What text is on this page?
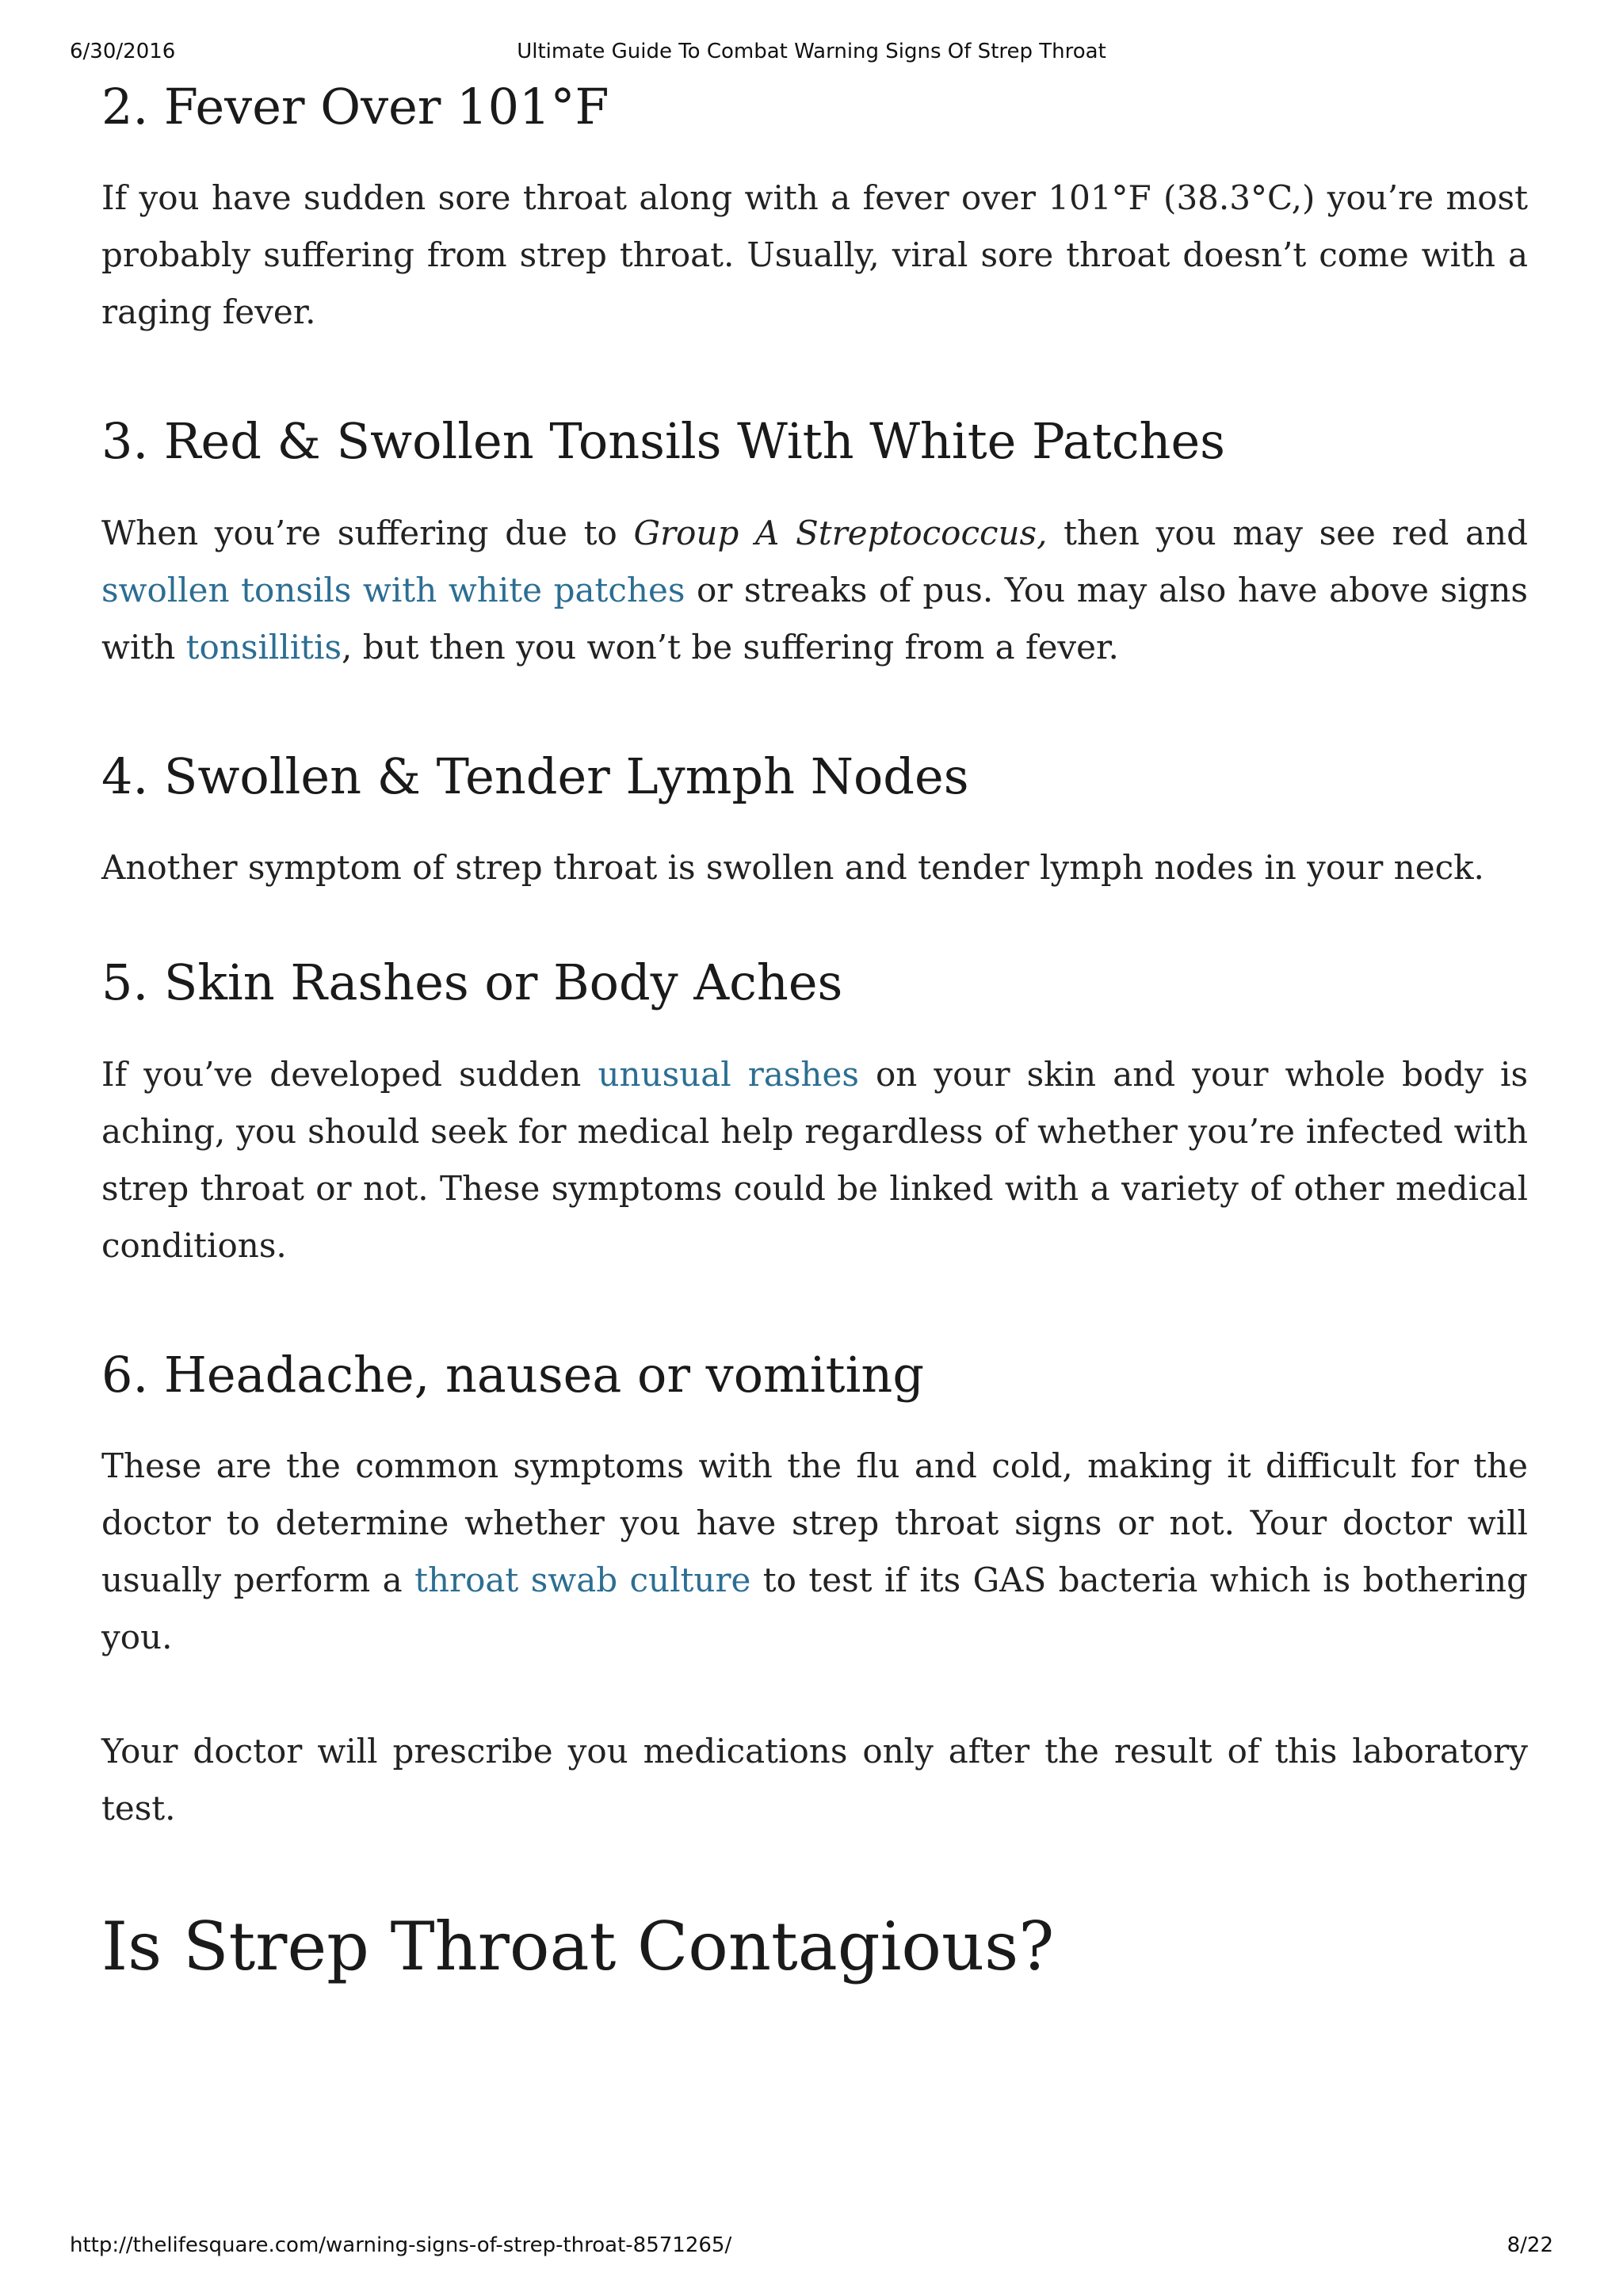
6/30/2016	Ultimate Guide To Combat Warning Signs Of Strep Throat
2. Fever Over 101°F

If you have sudden sore throat along with a fever over 101°F (38.3°C,) you’re most probably suffering from strep throat. Usually, viral sore throat doesn’t come with a raging fever.

3. Red & Swollen Tonsils With White Patches

When you’re suffering due to Group A Streptococcus, then you may see red and swollen tonsils with white patches or streaks of pus. You may also have above signs with tonsillitis, but then you won’t be suffering from a fever.

4. Swollen & Tender Lymph Nodes

Another symptom of strep throat is swollen and tender lymph nodes in your neck.

5. Skin Rashes or Body Aches

If you’ve developed sudden unusual rashes on your skin and your whole body is aching, you should seek for medical help regardless of whether you’re infected with strep throat or not. These symptoms could be linked with a variety of other medical conditions.

6. Headache, nausea or vomiting

These are the common symptoms with the flu and cold, making it difficult for the doctor to determine whether you have strep throat signs or not. Your doctor will usually perform a throat swab culture to test if its GAS bacteria which is bothering you.

Your doctor will prescribe you medications only after the result of this laboratory test.

Is Strep Throat Contagious?
http://thelifesquare.com/warning-signs-of-strep-throat-8571265/	8/22
